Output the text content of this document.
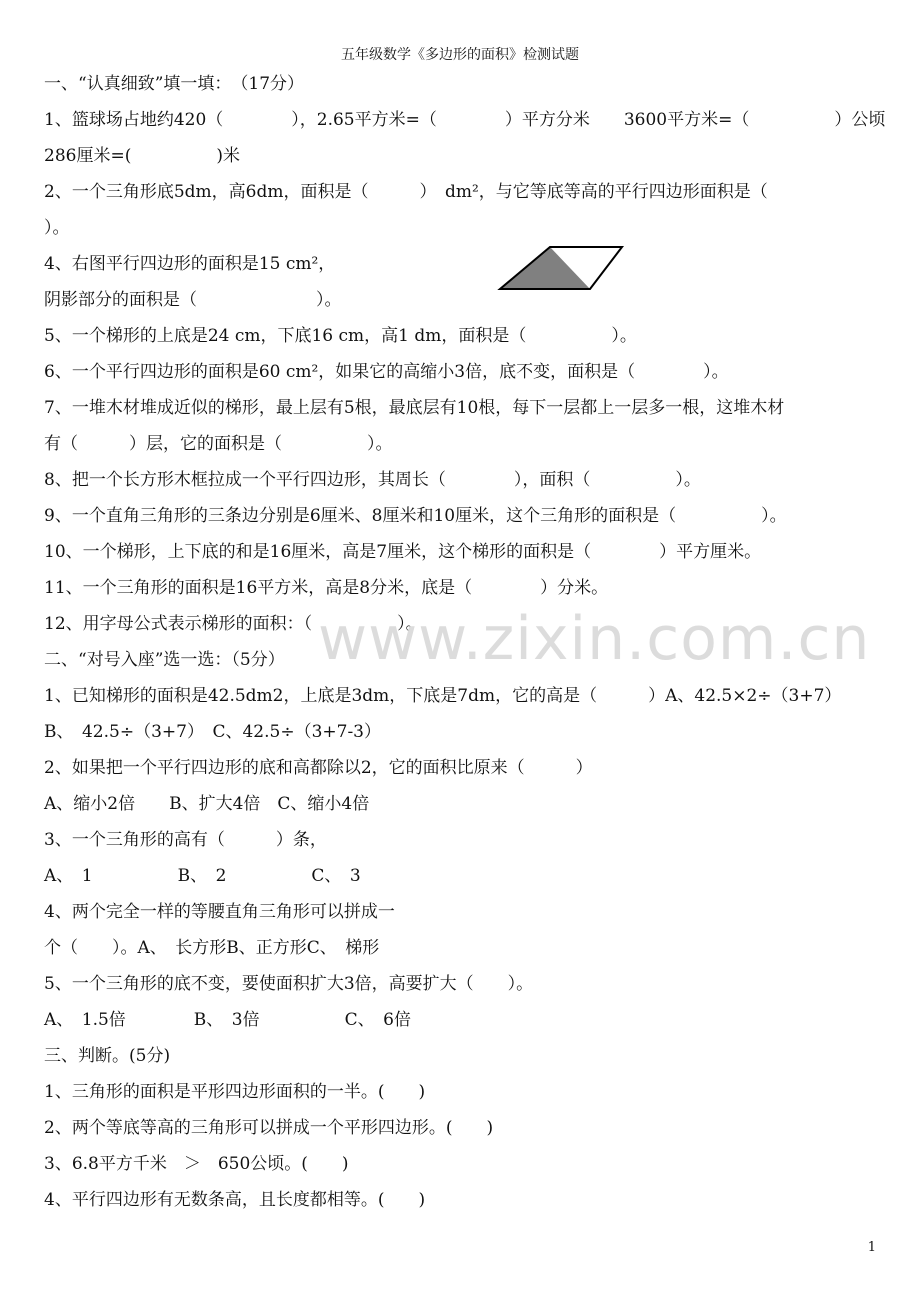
五年级数学《多边形的面积》检测试题
一、“认真细致”填一填：　（17分）
1、篮球场占地约420（　　　　），2.65平方米=（　　　　）平方分米　　3600平方米=（　　　　　）公顷
286厘米=(　　　　　)米
2、一个三角形底5dm，高6dm，面积是（　　　）　dm²，与它等底等高的平行四边形面积是（
）。
4、右图平行四边形的面积是15 cm²，
阴影部分的面积是（　　　　　　　）。
5、一个梯形的上底是24 cm，下底16 cm，高1 dm，面积是（　　　　　）。
6、一个平行四边形的面积是60 cm²，如果它的高缩小3倍，底不变，面积是（　　　　）。
7、一堆木材堆成近似的梯形，最上层有5根，最底层有10根，每下一层都上一层多一根，这堆木材
有（　　　）层，它的面积是（　　　　　）。
8、把一个长方形木框拉成一个平行四边形，其周长（　　　　），面积（　　　　　）。
9、一个直角三角形的三条边分别是6厘米、8厘米和10厘米，这个三角形的面积是（　　　　　）。
10、一个梯形，上下底的和是16厘米，高是7厘米，这个梯形的面积是（　　　　）平方厘米。
11、一个三角形的面积是16平方米，高是8分米，底是（　　　　）分米。
12、用字母公式表示梯形的面积：（　　　　　）。
二、“对号入座”选一选：（5分）
1、已知梯形的面积是42.5dm2，上底是3dm，下底是7dm，它的高是（　　　）A、42.5×2÷（3+7）
B、　42.5÷（3+7）　C、42.5÷（3+7-3）
2、如果把一个平行四边形的底和高都除以2，它的面积比原来（　　　）
A、缩小2倍　　B、扩大4倍　C、缩小4倍
3、一个三角形的高有（　　　）条，
A、　1　　　　　B、　2　　　　　C、　3
4、两个完全一样的等腰直角三角形可以拼成一
个（　　）。A、　长方形B、正方形C、　梯形
5、一个三角形的底不变，要使面积扩大3倍，高要扩大（　　）。
A、　1.5倍　　　　B、　3倍　　　　　C、　6倍
三、判断。(5分)
1、三角形的面积是平形四边形面积的一半。(　　)
2、两个等底等高的三角形可以拼成一个平形四边形。(　　)
3、6.8平方千米　＞　650公顷。(　　)
4、平行四边形有无数条高，且长度都相等。(　　)
www.zixin.com.cn
1
